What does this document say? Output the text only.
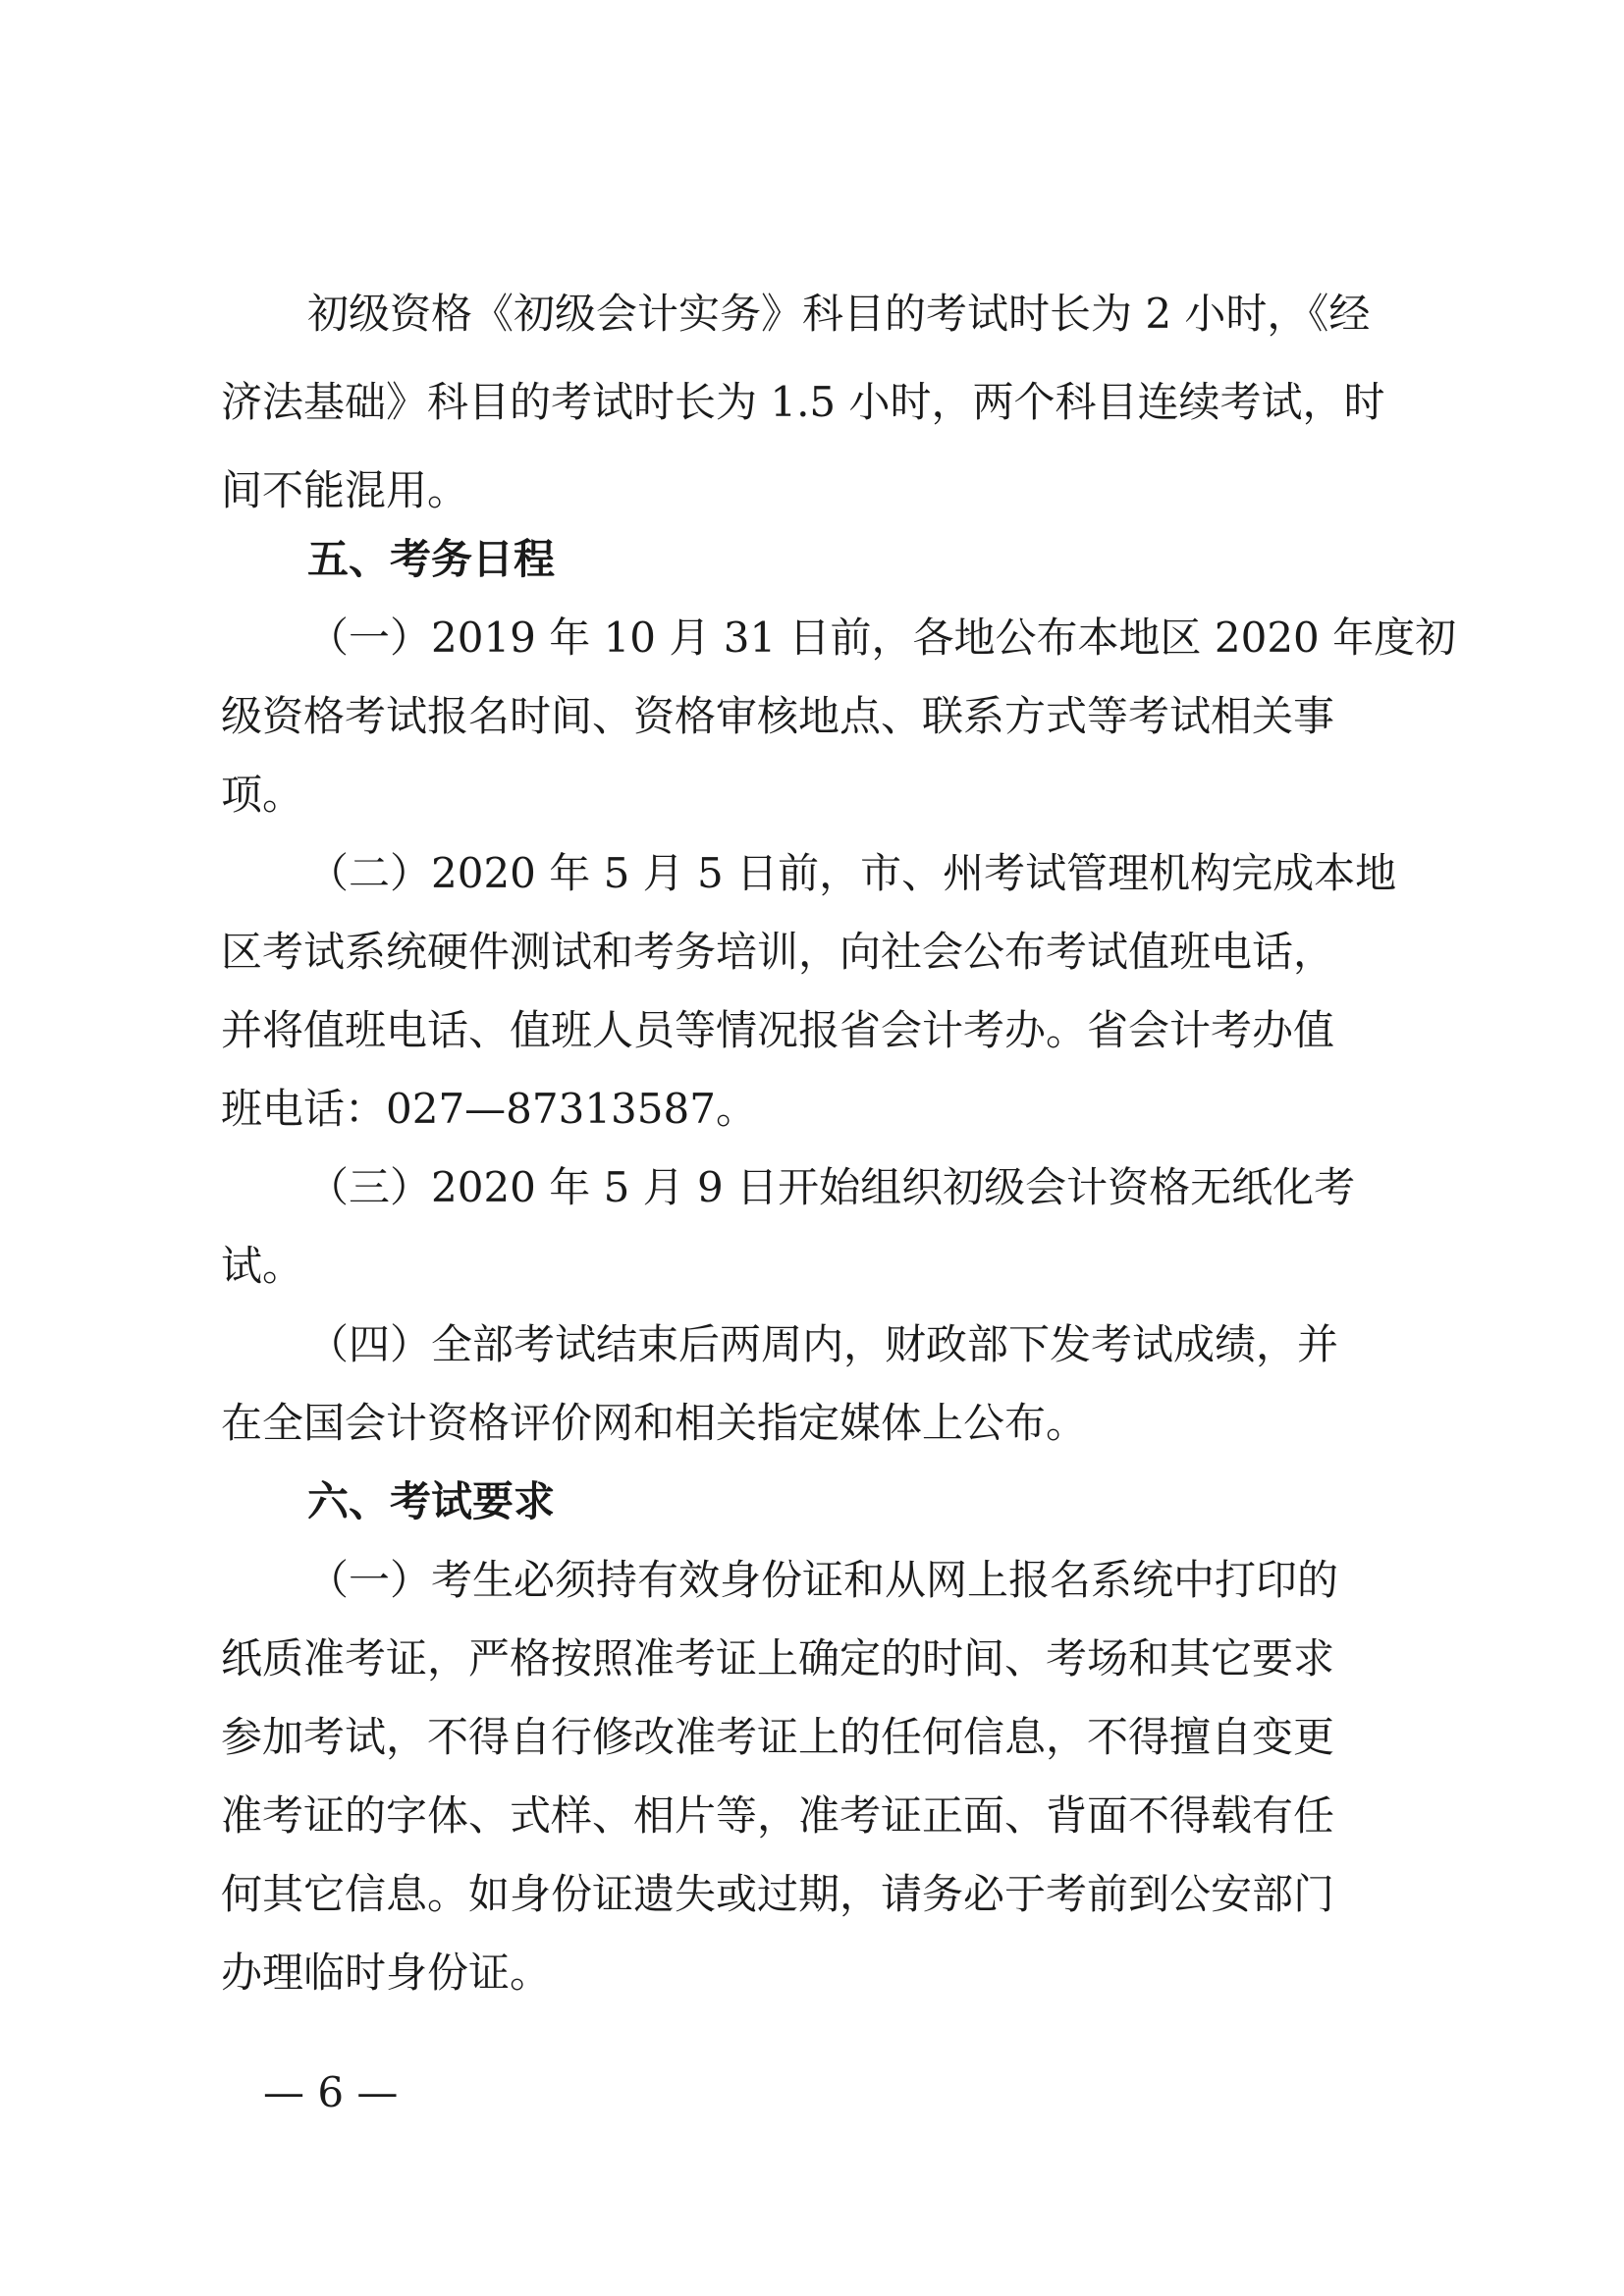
初级资格《初级会计实务》科目的考试时长为 2 小时，《经
济法基础》科目的考试时长为 1.5 小时，两个科目连续考试，时
间不能混用。
五、考务日程
（一）2019 年 10 月 31 日前，各地公布本地区 2020 年度初
级资格考试报名时间、资格审核地点、联系方式等考试相关事
项。
（二）2020 年 5 月 5 日前，市、州考试管理机构完成本地
区考试系统硬件测试和考务培训，向社会公布考试值班电话，
并将值班电话、值班人员等情况报省会计考办。省会计考办值
班电话：027—87313587。
（三）2020 年 5 月 9 日开始组织初级会计资格无纸化考
试。
（四）全部考试结束后两周内，财政部下发考试成绩，并
在全国会计资格评价网和相关指定媒体上公布。
六、考试要求
（一）考生必须持有效身份证和从网上报名系统中打印的
纸质准考证，严格按照准考证上确定的时间、考场和其它要求
参加考试，不得自行修改准考证上的任何信息，不得擅自变更
准考证的字体、式样、相片等，准考证正面、背面不得载有任
何其它信息。如身份证遗失或过期，请务必于考前到公安部门
办理临时身份证。
— 6 —
